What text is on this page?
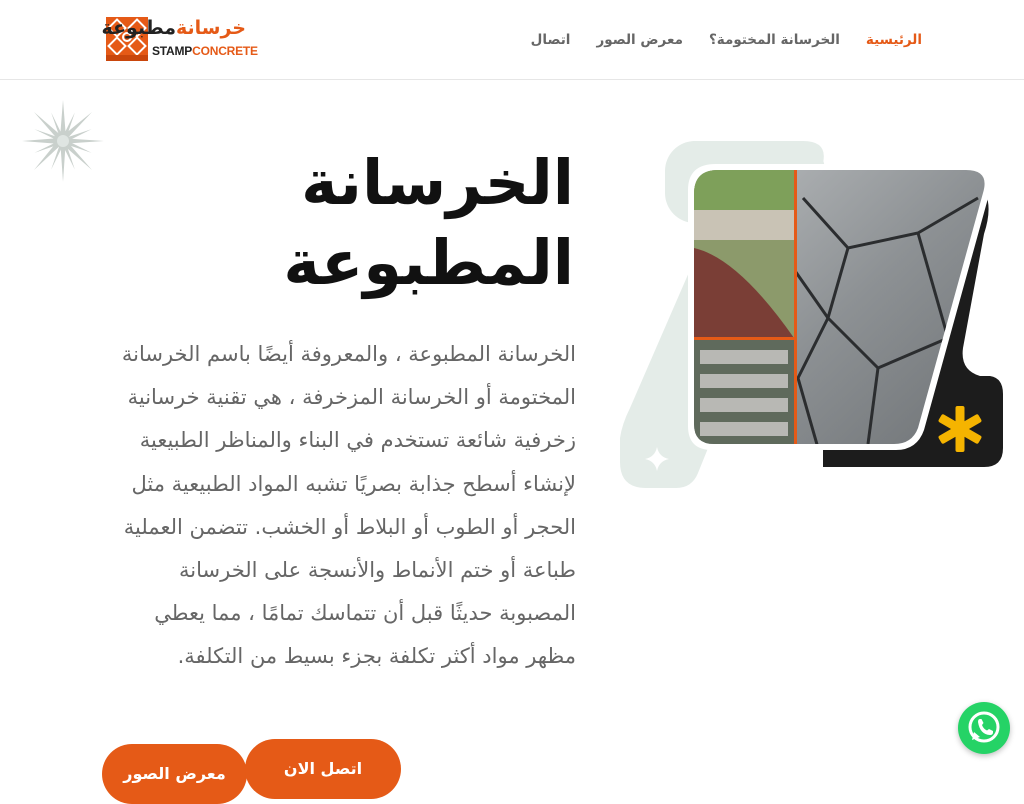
خرسانةمطبوعة
STAMPCONCRETE
الرئيسية
الخرسانة المختومة؟
معرض الصور
اتصال
الخرسانة
المطبوعة

الخرسانة المطبوعة ، والمعروفة أيضًا باسم الخرسانة المختومة أو الخرسانة المزخرفة ، هي تقنية خرسانية زخرفية شائعة تستخدم في البناء والمناظر الطبيعية لإنشاء أسطح جذابة بصريًا تشبه المواد الطبيعية مثل الحجر أو الطوب أو البلاط أو الخشب. تتضمن العملية طباعة أو ختم الأنماط والأنسجة على الخرسانة المصبوبة حديثًا قبل أن تتماسك تمامًا ، مما يعطي مظهر مواد أكثر تكلفة بجزء بسيط من التكلفة.

معرض الصور	اتصل الان
